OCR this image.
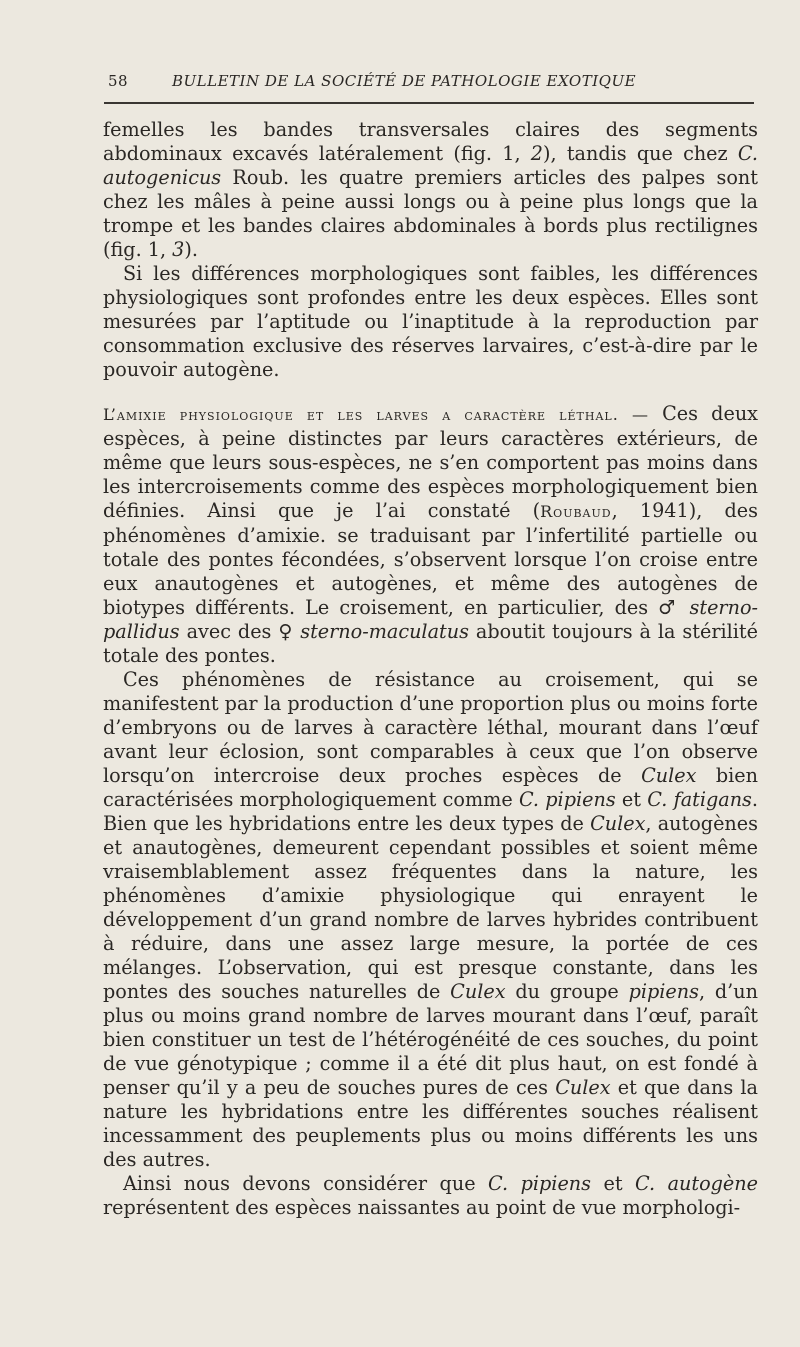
58	BULLETIN DE LA SOCIÉTÉ DE PATHOLOGIE EXOTIQUE

femelles les bandes transversales claires des segments abdominaux excavés latéralement (fig. 1, 2), tandis que chez C. autogenicus Roub. les quatre premiers articles des palpes sont chez les mâles à peine aussi longs ou à peine plus longs que la trompe et les bandes claires abdominales à bords plus rectilignes (fig. 1, 3).

Si les différences morphologiques sont faibles, les différences physiologiques sont profondes entre les deux espèces. Elles sont mesurées par l’aptitude ou l’inaptitude à la reproduction par consommation exclusive des réserves larvaires, c’est-à-dire par le pouvoir autogène.

L’amixie physiologique et les larves a caractère léthal. — Ces deux espèces, à peine distinctes par leurs caractères extérieurs, de même que leurs sous-espèces, ne s’en comportent pas moins dans les intercroisements comme des espèces morphologiquement bien définies. Ainsi que je l’ai constaté (Roubaud, 1941), des phénomènes d’amixie. se traduisant par l’infertilité partielle ou totale des pontes fécondées, s’observent lorsque l’on croise entre eux anautogènes et autogènes, et même des autogènes de biotypes différents. Le croisement, en particulier, des ♂ sterno-pallidus avec des ♀ sterno-maculatus aboutit toujours à la stérilité totale des pontes.

Ces phénomènes de résistance au croisement, qui se manifestent par la production d’une proportion plus ou moins forte d’embryons ou de larves à caractère léthal, mourant dans l’œuf avant leur éclosion, sont comparables à ceux que l’on observe lorsqu’on intercroise deux proches espèces de Culex bien caractérisées morphologiquement comme C. pipiens et C. fatigans. Bien que les hybridations entre les deux types de Culex, autogènes et anautogènes, demeurent cependant possibles et soient même vraisemblablement assez fréquentes dans la nature, les phénomènes d’amixie physiologique qui enrayent le développement d’un grand nombre de larves hybrides contribuent à réduire, dans une assez large mesure, la portée de ces mélanges. L’observation, qui est presque constante, dans les pontes des souches naturelles de Culex du groupe pipiens, d’un plus ou moins grand nombre de larves mourant dans l’œuf, paraît bien constituer un test de l’hétérogénéité de ces souches, du point de vue génotypique ; comme il a été dit plus haut, on est fondé à penser qu’il y a peu de souches pures de ces Culex et que dans la nature les hybridations entre les différentes souches réalisent incessamment des peuplements plus ou moins différents les uns des autres.

Ainsi nous devons considérer que C. pipiens et C. autogène représentent des espèces naissantes au point de vue morphologi-
